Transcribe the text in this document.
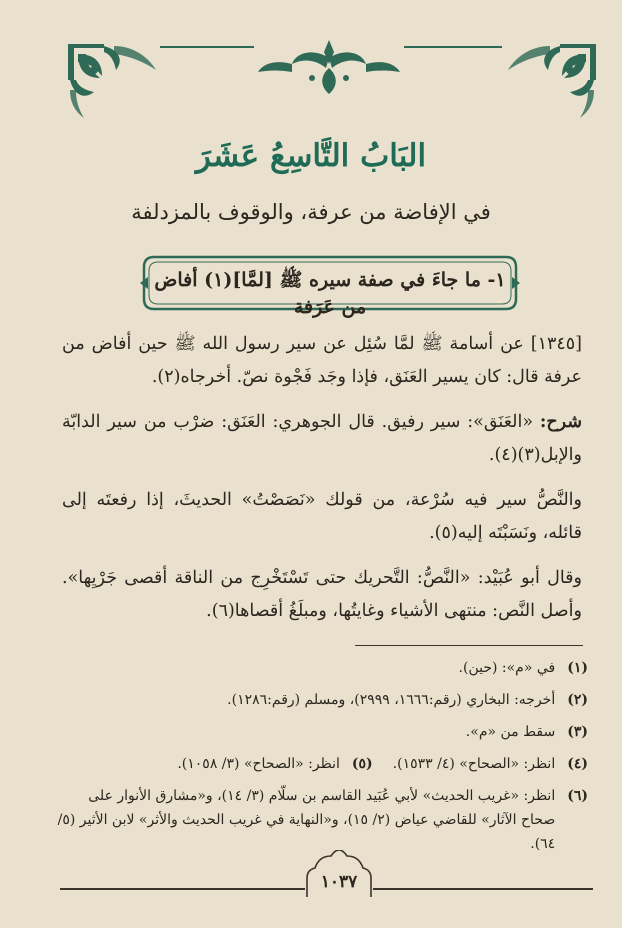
البَابُ التَّاسِعُ عَشَرَ
في الإفاضة من عرفة، والوقوف بالمزدلفة
١- ما جاءَ في صفة سيره ﷺ [لمَّا](١) أفاض من عَرَفة

[١٣٤٥] عن أسامة ﷺ لمَّا سُئِل عن سير رسول الله ﷺ حين أفاض من عرفة قال: كان يسير العَنَق، فإذا وجَد فَجْوة نصّ. أخرجاه(٢).

شرح: «العَنَق»: سير رفيق. قال الجوهري: العَنَق: ضرْب من سير الدابّة والإبل(٣)(٤).

والنَّصُّ سير فيه سُرْعة، من قولك «نَصَصْتُ» الحديثَ، إذا رفعتَه إلى قائله، ونَسَبْتَه إليه(٥).

وقال أبو عُبَيْد: «النَّصُّ: التَّحريك حتى تَسْتَخْرِج من الناقة أقصى جَرْيِها». وأصل النَّص: منتهى الأشياء وغايتُها، ومبلَغُ أقصاها(٦).

(١)
في «م»: (حين).
(٢)
أخرجه: البخاري (رقم:١٦٦٦، ٢٩٩٩)، ومسلم (رقم:١٢٨٦).
(٣)
سقط من «م».
(٤)
انظر: «الصحاح» (٤/ ١٥٣٣).
(٥)
انظر: «الصحاح» (٣/ ١٠٥٨).
(٦)
انظر: «غريب الحديث» لأبي عُبَيد القاسم بن سلّام (٣/ ١٤)، و«مشارق الأنوار على صحاح الآثار» للقاضي عياض (٢/ ١٥)، و«النهاية في غريب الحديث والأثر» لابن الأثير (٥/ ٦٤).
١٠٣٧
